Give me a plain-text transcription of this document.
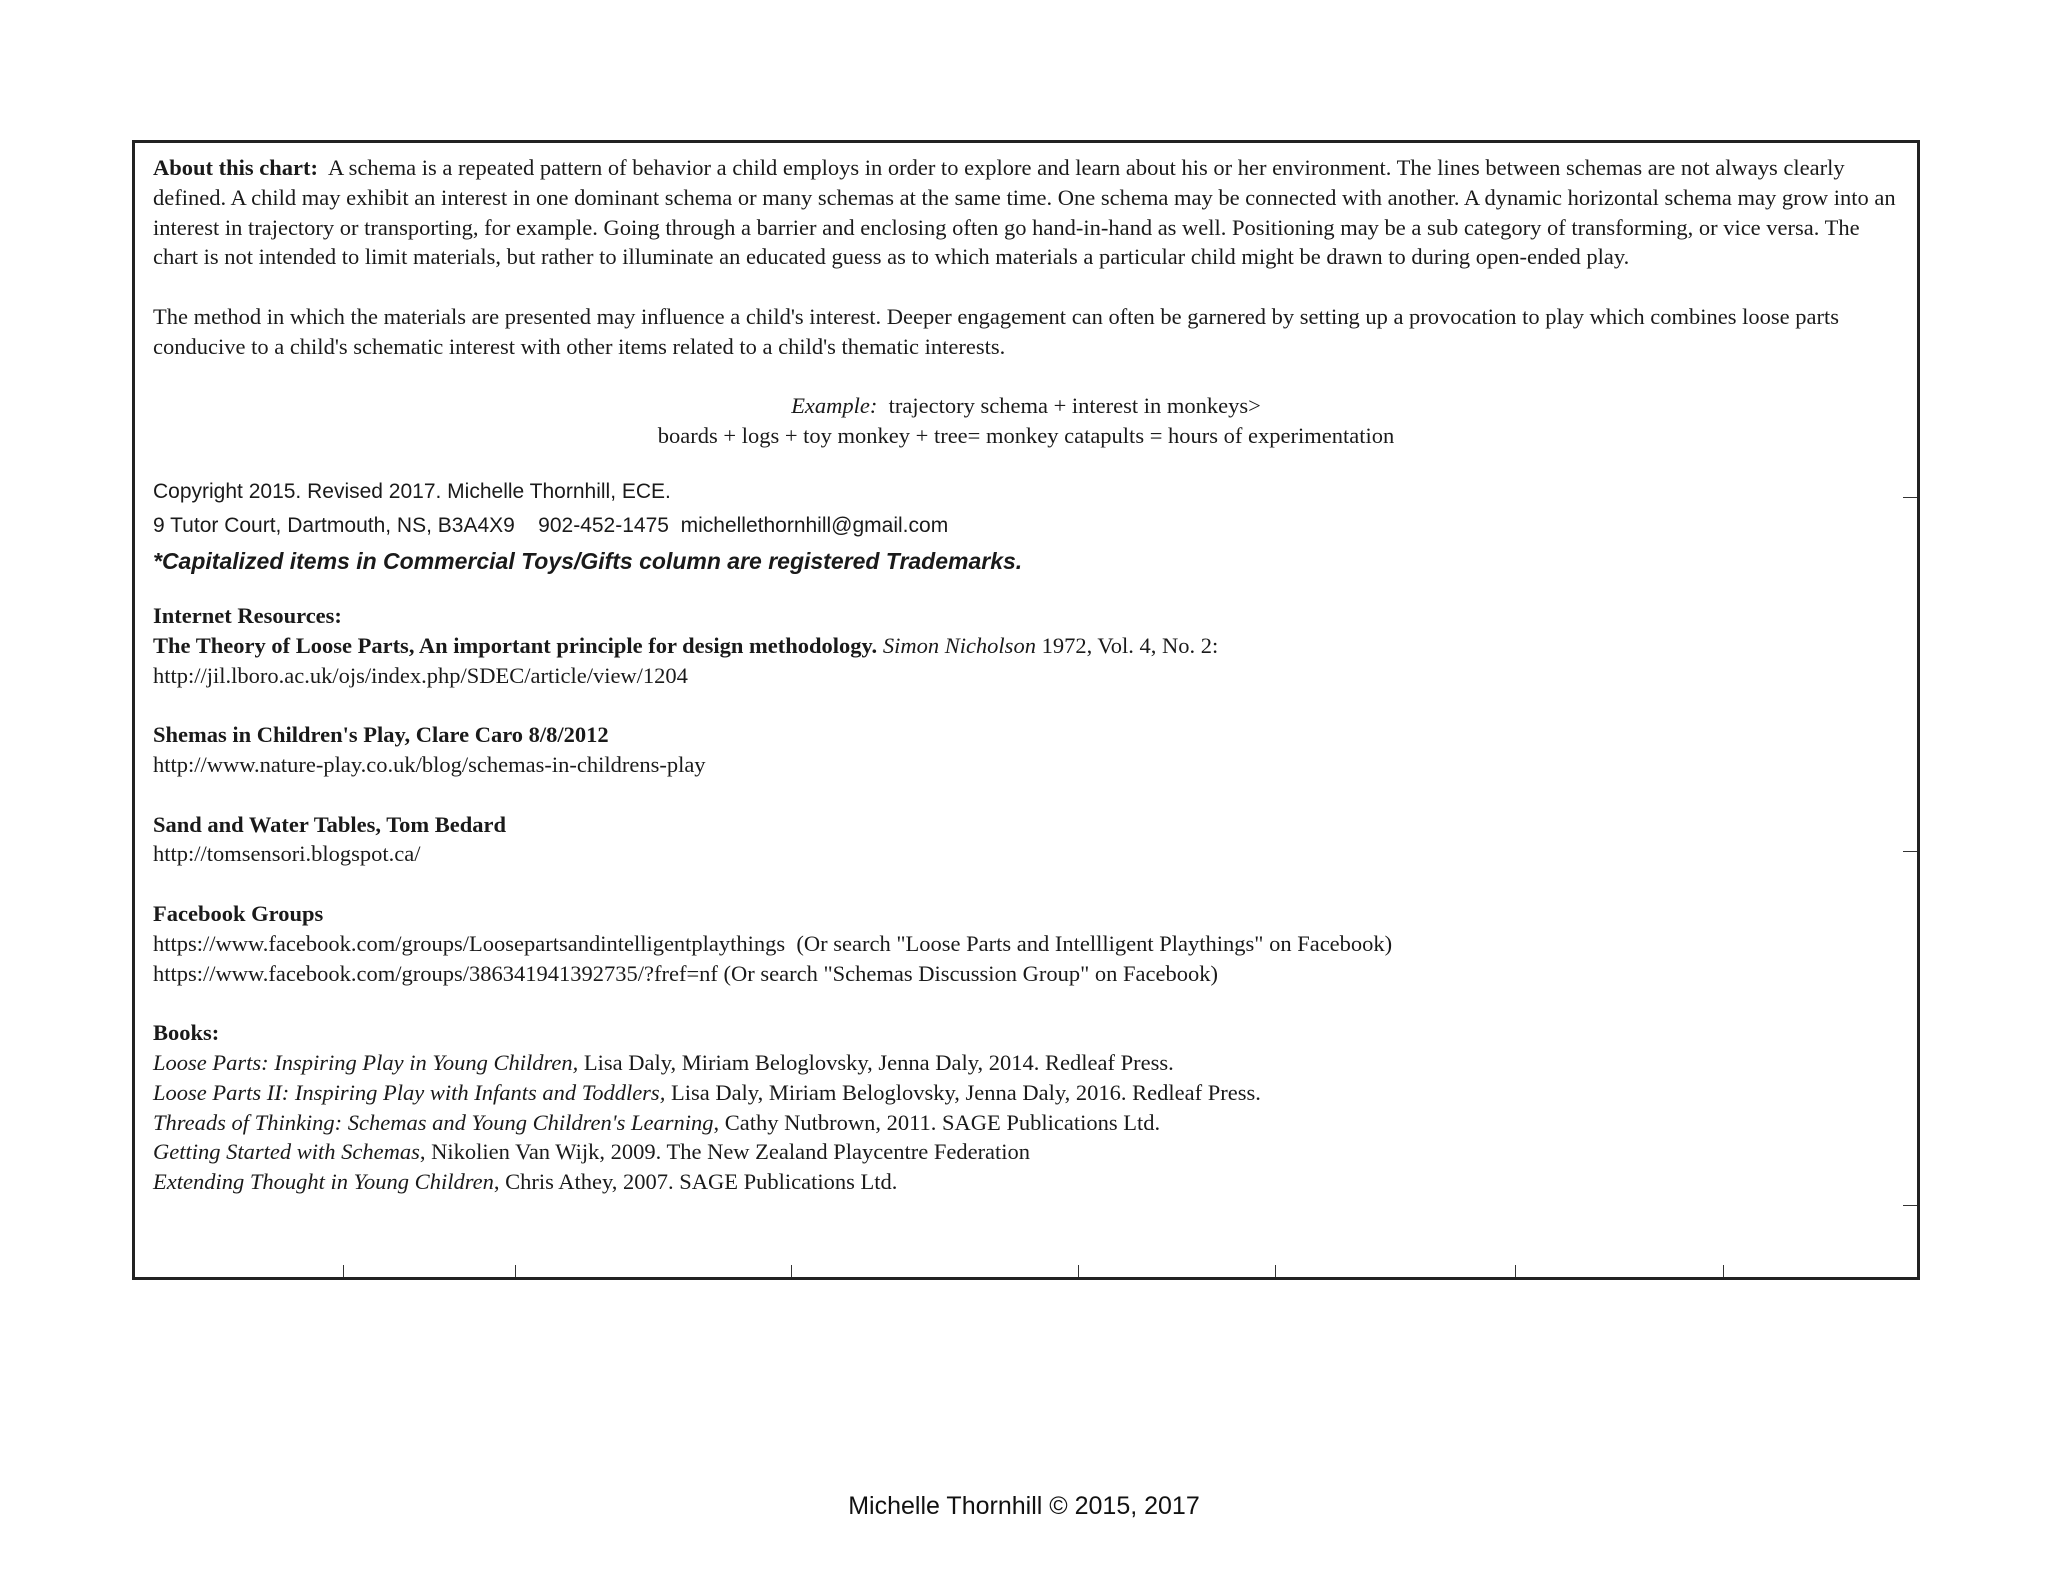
About this chart: A schema is a repeated pattern of behavior a child employs in order to explore and learn about his or her environment. The lines between schemas are not always clearly defined. A child may exhibit an interest in one dominant schema or many schemas at the same time. One schema may be connected with another. A dynamic horizontal schema may grow into an interest in trajectory or transporting, for example. Going through a barrier and enclosing often go hand-in-hand as well. Positioning may be a sub category of transforming, or vice versa. The chart is not intended to limit materials, but rather to illuminate an educated guess as to which materials a particular child might be drawn to during open-ended play.

The method in which the materials are presented may influence a child's interest. Deeper engagement can often be garnered by setting up a provocation to play which combines loose parts conducive to a child's schematic interest with other items related to a child's thematic interests.

Example: trajectory schema + interest in monkeys>
boards + logs + toy monkey + tree= monkey catapults = hours of experimentation
Copyright 2015. Revised 2017. Michelle Thornhill, ECE.
9 Tutor Court, Dartmouth, NS, B3A4X9    902-452-1475  michellethornhill@gmail.com
*Capitalized items in Commercial Toys/Gifts column are registered Trademarks.
Internet Resources:
The Theory of Loose Parts, An important principle for design methodology. Simon Nicholson 1972, Vol. 4, No. 2:
http://jil.lboro.ac.uk/ojs/index.php/SDEC/article/view/1204
Shemas in Children's Play, Clare Caro 8/8/2012
http://www.nature-play.co.uk/blog/schemas-in-childrens-play
Sand and Water Tables, Tom Bedard
http://tomsensori.blogspot.ca/
Facebook Groups
https://www.facebook.com/groups/Loosepartsandintelligentplaythings  (Or search "Loose Parts and Intellligent Playthings" on Facebook)
https://www.facebook.com/groups/386341941392735/?fref=nf (Or search "Schemas Discussion Group" on Facebook)
Books:
Loose Parts: Inspiring Play in Young Children, Lisa Daly, Miriam Beloglovsky, Jenna Daly, 2014. Redleaf Press.
Loose Parts II: Inspiring Play with Infants and Toddlers, Lisa Daly, Miriam Beloglovsky, Jenna Daly, 2016. Redleaf Press.
Threads of Thinking: Schemas and Young Children's Learning, Cathy Nutbrown, 2011. SAGE Publications Ltd.
Getting Started with Schemas, Nikolien Van Wijk, 2009. The New Zealand Playcentre Federation
Extending Thought in Young Children, Chris Athey, 2007. SAGE Publications Ltd.
Michelle Thornhill © 2015, 2017
